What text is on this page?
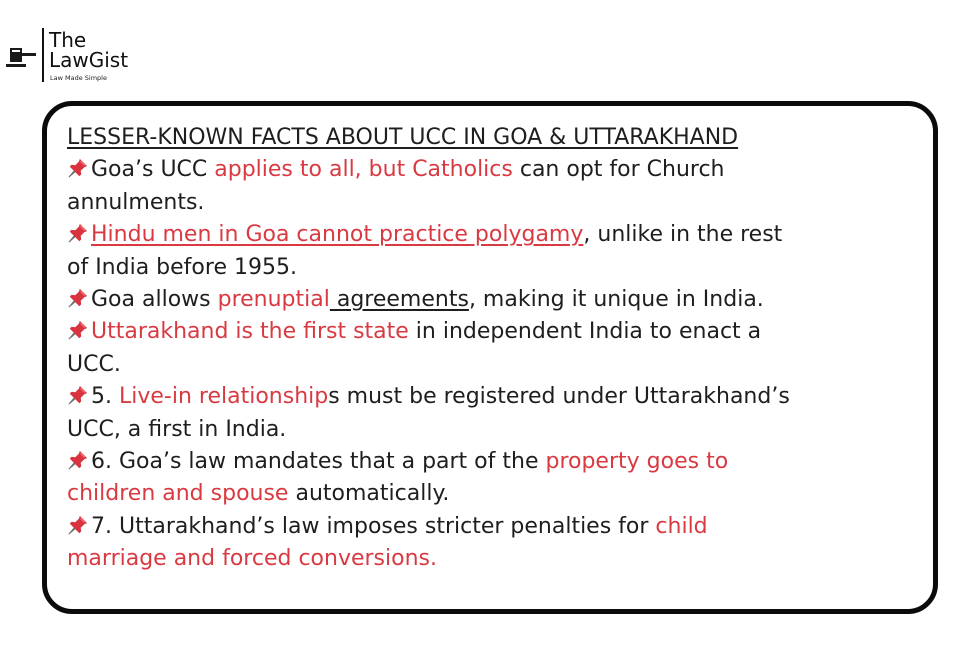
The
LawGist
Law Made Simple
LESSER-KNOWN FACTS ABOUT UCC IN GOA & UTTARAKHAND
Goa’s UCC applies to all, but Catholics can opt for Church
annulments.
Hindu men in Goa cannot practice polygamy, unlike in the rest
of India before 1955.
Goa allows prenuptial agreements, making it unique in India.
Uttarakhand is the first state in independent India to enact a
UCC.
5. Live-in relationships must be registered under Uttarakhand’s
UCC, a first in India.
6. Goa’s law mandates that a part of the property goes to
children and spouse automatically.
7. Uttarakhand’s law imposes stricter penalties for child
marriage and forced conversions.
